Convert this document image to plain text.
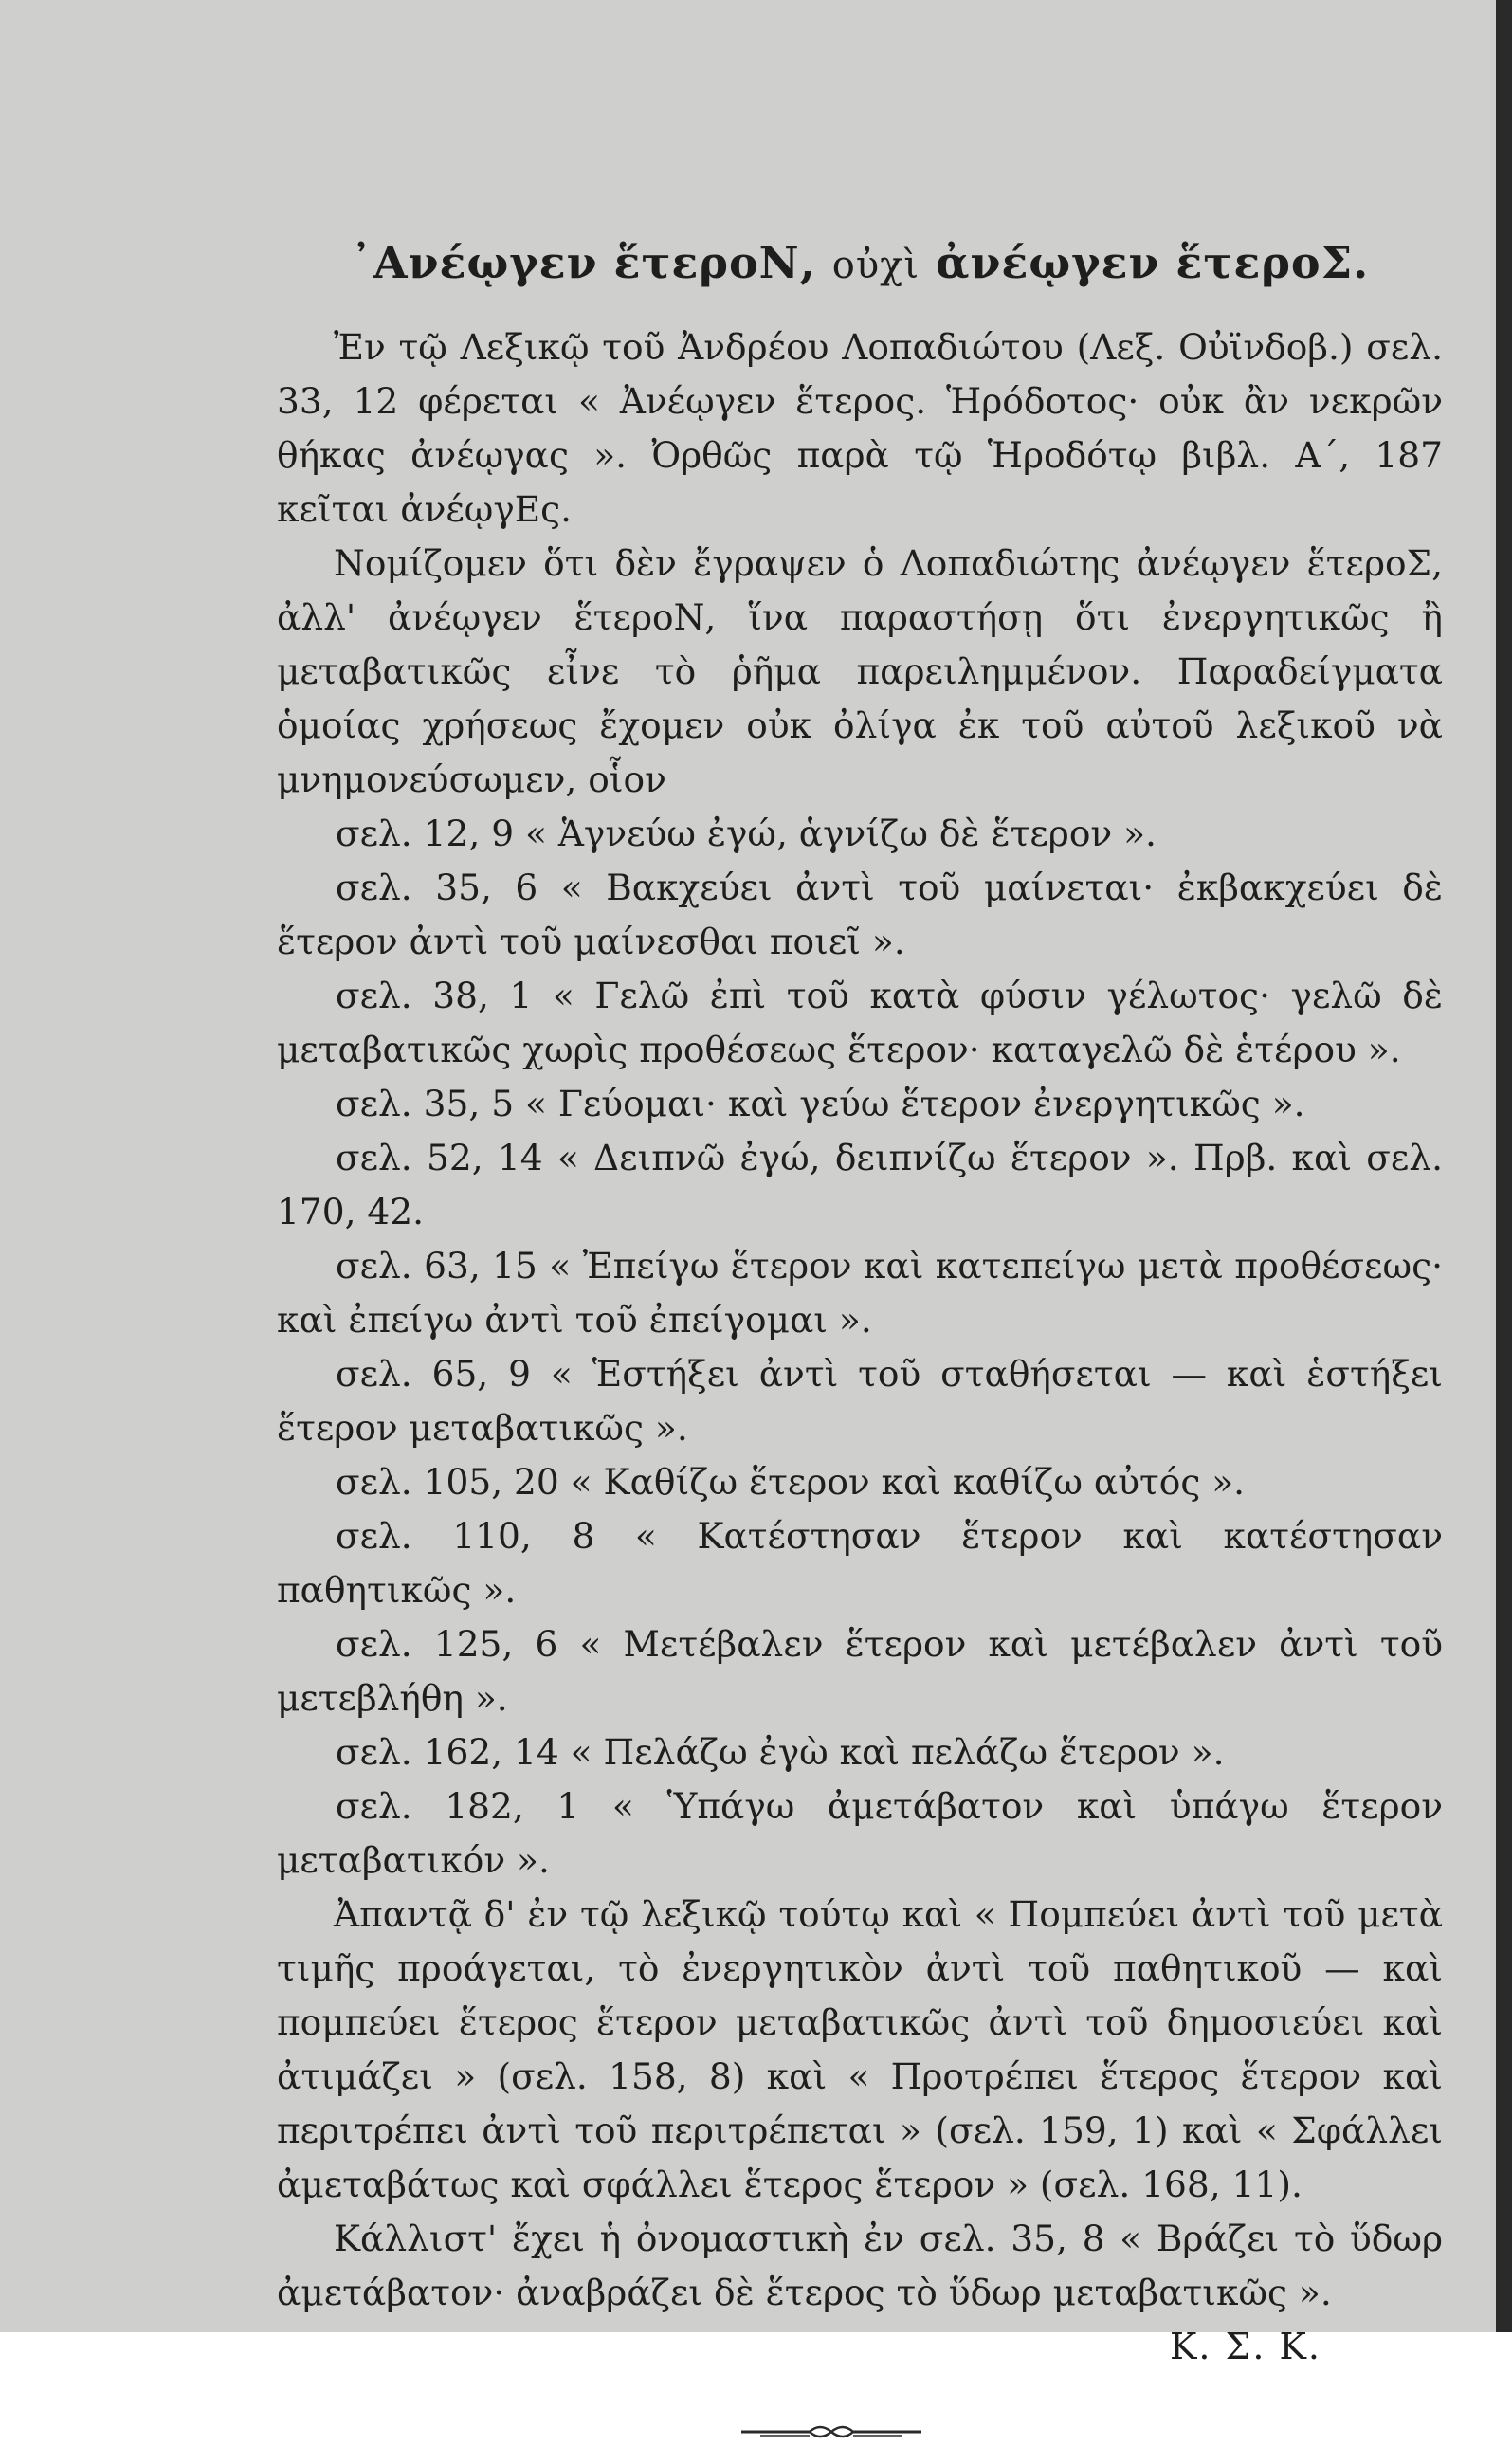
᾿Ανέῳγεν ἕτεροΝ, οὐχὶ ἀνέῳγεν ἕτεροΣ.

Ἐν τῷ Λεξικῷ τοῦ Ἀνδρέου Λοπαδιώτου (Λεξ. Οὐϊνδοβ.) σελ. 33, 12 φέρεται « Ἀνέῳγεν ἕτερος. Ἡρόδοτος· οὐκ ἂν νεκρῶν θήκας ἀνέῳγας ». Ὀρθῶς παρὰ τῷ Ἡροδότῳ βιβλ. Α΄, 187 κεῖται ἀνέῳγΕς.

Νομίζομεν ὅτι δὲν ἔγραψεν ὁ Λοπαδιώτης ἀνέῳγεν ἕτεροΣ, ἀλλ' ἀνέῳγεν ἕτεροΝ, ἵνα παραστήσῃ ὅτι ἐνεργητικῶς ἢ μεταβατικῶς εἶνε τὸ ῥῆμα παρειλημμένον. Παραδείγματα ὁμοίας χρήσεως ἔχομεν οὐκ ὀλίγα ἐκ τοῦ αὐτοῦ λεξικοῦ νὰ μνημονεύσωμεν, οἷον

σελ. 12, 9 « Ἁγνεύω ἐγώ, ἁγνίζω δὲ ἕτερον ».

σελ. 35, 6 « Βακχεύει ἀντὶ τοῦ μαίνεται· ἐκβακχεύει δὲ ἕτερον ἀντὶ τοῦ μαίνεσθαι ποιεῖ ».

σελ. 38, 1 « Γελῶ ἐπὶ τοῦ κατὰ φύσιν γέλωτος· γελῶ δὲ μεταβατικῶς χωρὶς προθέσεως ἕτερον· καταγελῶ δὲ ἑτέρου ».

σελ. 35, 5 « Γεύομαι· καὶ γεύω ἕτερον ἐνεργητικῶς ».

σελ. 52, 14 « Δειπνῶ ἐγώ, δειπνίζω ἕτερον ». Πρβ. καὶ σελ. 170, 42.

σελ. 63, 15 « Ἐπείγω ἕτερον καὶ κατεπείγω μετὰ προθέσεως· καὶ ἐπείγω ἀντὶ τοῦ ἐπείγομαι ».

σελ. 65, 9 « Ἑστήξει ἀντὶ τοῦ σταθήσεται — καὶ ἑστήξει ἕτερον μεταβατικῶς ».

σελ. 105, 20 « Καθίζω ἕτερον καὶ καθίζω αὐτός ».

σελ. 110, 8 « Κατέστησαν ἕτερον καὶ κατέστησαν παθητικῶς ».

σελ. 125, 6 « Μετέβαλεν ἕτερον καὶ μετέβαλεν ἀντὶ τοῦ μετεβλήθη ».

σελ. 162, 14 « Πελάζω ἐγὼ καὶ πελάζω ἕτερον ».

σελ. 182, 1 « Ὑπάγω ἀμετάβατον καὶ ὑπάγω ἕτερον μεταβατικόν ».

Ἀπαντᾷ δ' ἐν τῷ λεξικῷ τούτῳ καὶ « Πομπεύει ἀντὶ τοῦ μετὰ τιμῆς προάγεται, τὸ ἐνεργητικὸν ἀντὶ τοῦ παθητικοῦ — καὶ πομπεύει ἕτερος ἕτερον μεταβατικῶς ἀντὶ τοῦ δημοσιεύει καὶ ἀτιμάζει » (σελ. 158, 8) καὶ « Προτρέπει ἕτερος ἕτερον καὶ περιτρέπει ἀντὶ τοῦ περιτρέπεται » (σελ. 159, 1) καὶ « Σφάλλει ἀμεταβάτως καὶ σφάλλει ἕτερος ἕτερον » (σελ. 168, 11).

Κάλλιστ' ἔχει ἡ ὀνομαστικὴ ἐν σελ. 35, 8 « Βράζει τὸ ὕδωρ ἀμετάβατον· ἀναβράζει δὲ ἕτερος τὸ ὕδωρ μεταβατικῶς ».

Κ. Σ. Κ.
